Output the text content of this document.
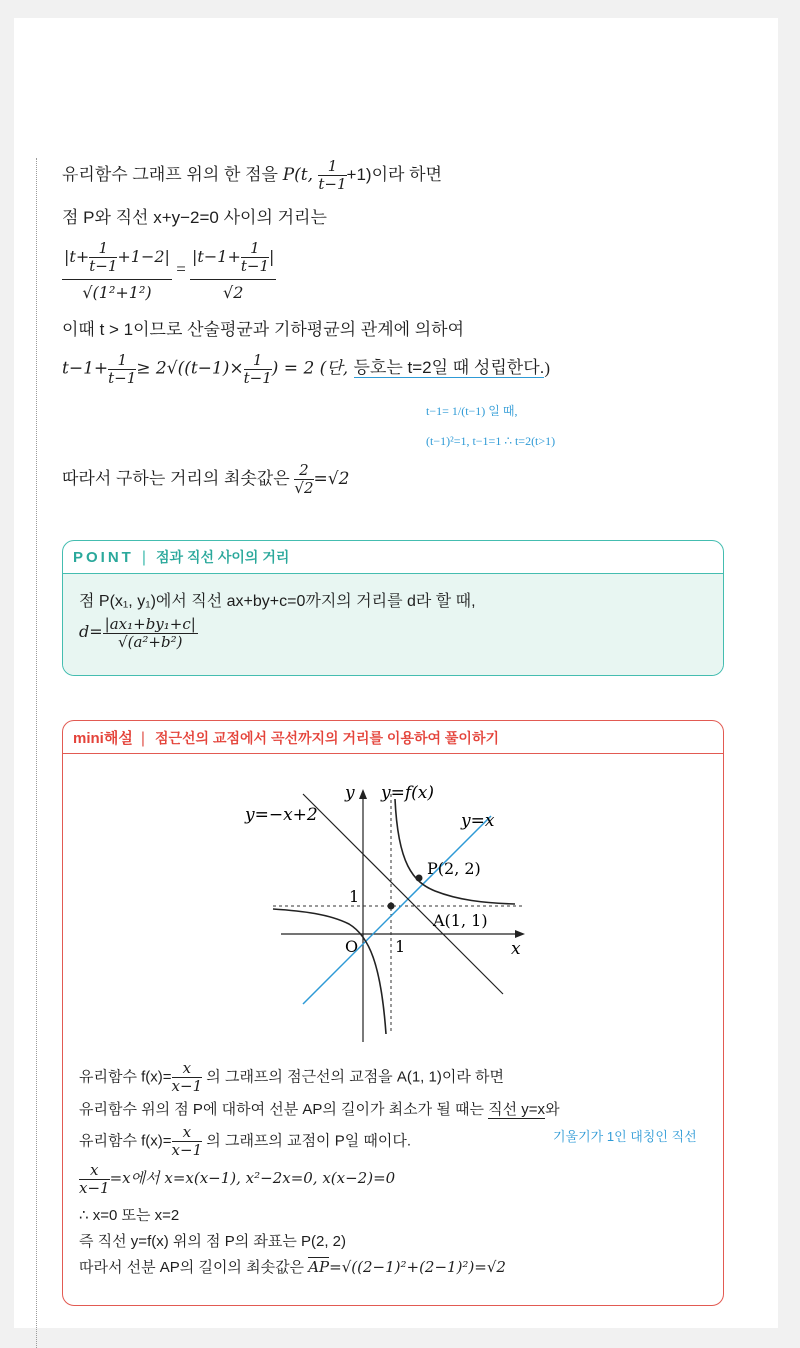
유리함수 그래프 위의 한 점을 P(t, $\frac{1}{t-1} +1$)이라 하면
점 P와 직선 x+y−2=0 사이의 거리는
$\frac{|t+ \frac{1}{t-1} +1-2|}{\text{√(1²+1²)}} = \frac{|t-1+ \frac{1}{t-1} |}{√2}$
이때 t > 1이므로 산술평균과 기하평균의 관계에 의하여
$t-1+ \frac{1}{t-1} \ge 2√((t-1)\times \frac{1}{t-1}$ ) = 2 (단, 등호는 t=2일 때 성립한다.)
t−1= 1/(t−1) 일 때,
(t−1)²=1, t−1=1 ∴ t=2(t>1)
따라서 구하는 거리의 최솟값은 $\frac{2}{√2} =√2$
POINT | 점과 직선 사이의 거리
점 P(x₁, y₁)에서 직선 ax+by+c=0까지의 거리를 d라 할 때,
$d= \frac{\text{|ax₁+by₁+c|}}{\text{√(a²+b²)}}$
mini해설 | 점근선의 교점에서 곡선까지의 거리를 이용하여 풀이하기
y
x
y=f(x)
y=x
y=−x+2
P(2, 2)
A(1, 1)
O 1
1
유리함수 $f(x)= \frac{x}{x-1}$ 의 그래프의 점근선의 교점을 A(1, 1)이라 하면
유리함수 위의 점 P에 대하여 선분 AP의 길이가 최소가 될 때는 직선 y=x와
기울기가 1인 대칭인 직선
유리함수 $f(x)= \frac{x}{x-1}$ 의 그래프의 교점이 P일 때이다.
$\frac{x}{x-1} =x$에서 x=x(x−1), x²−2x=0, x(x−2)=0
∴ x=0 또는 x=2
즉 직선 y=f(x) 위의 점 P의 좌표는 P(2, 2)
따라서 선분 AP의 길이의 최솟값은 AP=√((2−1)²+(2−1)²)=√2
